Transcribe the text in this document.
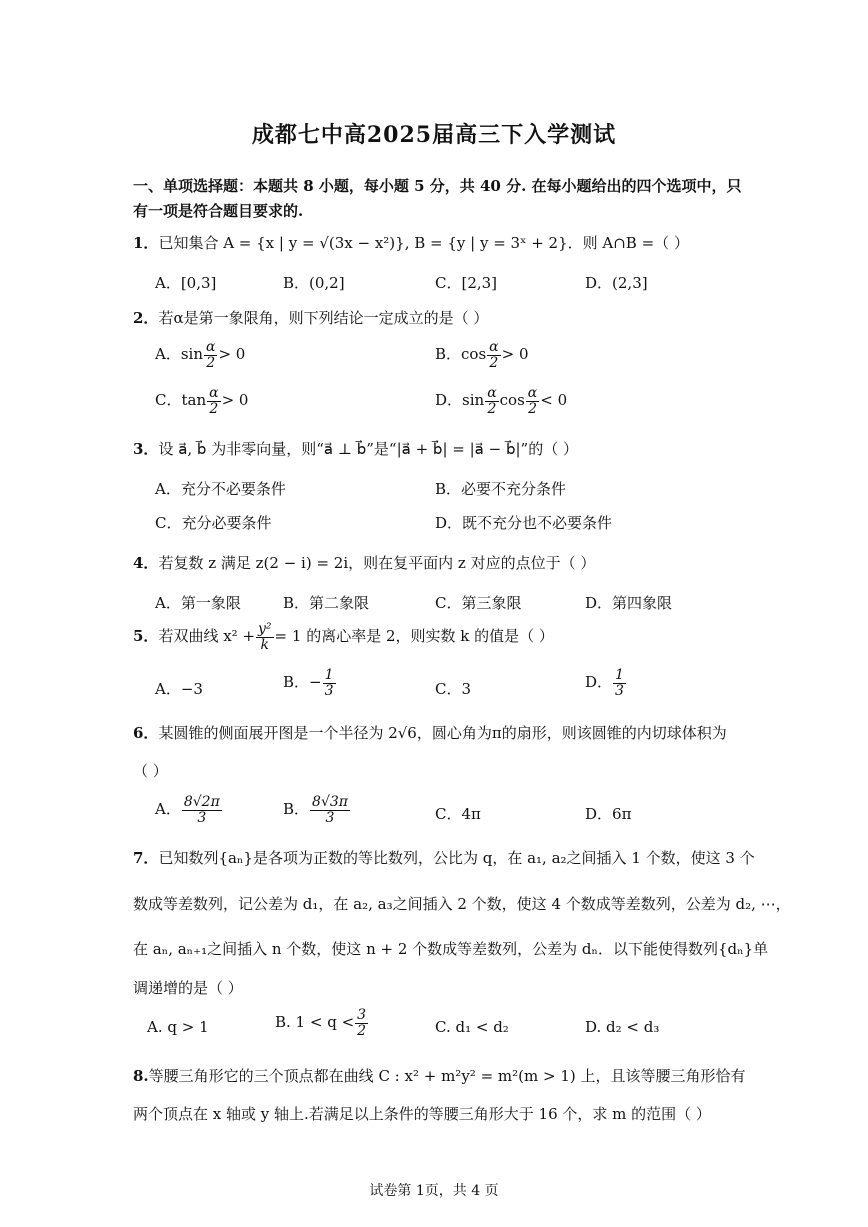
成都七中高2025届高三下入学测试
一、单项选择题：本题共 8 小题，每小题 5 分，共 40 分. 在每小题给出的四个选项中，只
有一项是符合题目要求的.
1．已知集合 A = {x | y = √(3x − x²)}, B = {y | y = 3ˣ + 2}．则 A∩B =（ ）
A．[0,3]	B．(0,2]	C．[2,3]	D．(2,3]
2．若α是第一象限角，则下列结论一定成立的是（ ）
A．$\sin \frac{\alpha}{2} > 0$	B．$\cos \frac{\alpha}{2} > 0$
C．$\tan \frac{\alpha}{2} > 0$	D．$\sin \frac{\alpha}{2}$ $\cos \frac{\alpha}{2} < 0$
3．设 a⃗, b⃗ 为非零向量，则“a⃗ ⊥ b⃗”是“|a⃗ + b⃗| = |a⃗ − b⃗|”的（ ）
A．充分不必要条件	B．必要不充分条件
C．充分必要条件	D．既不充分也不必要条件
4．若复数 z 满足 z(2 − i) = 2i，则在复平面内 z 对应的点位于（ ）
A．第一象限	B．第二象限	C．第三象限	D．第四象限
5．若双曲线 $x^2 + \frac{\text{y²}}{k} = 1$ 的离心率是 2，则实数 k 的值是（ ）
A．−3	B．− $\frac{1}{3}$	C．3	D． $\frac{1}{3}$
6．某圆锥的侧面展开图是一个半径为 2√6，圆心角为π的扇形，则该圆锥的内切球体积为
（ ）
A． $\frac{8√2\pi}{3}$	B． $\frac{8√3\pi}{3}$	C．4π	D．6π
7．已知数列{aₙ}是各项为正数的等比数列，公比为 q，在 a₁, a₂之间插入 1 个数，使这 3 个
数成等差数列，记公差为 d₁，在 a₂, a₃之间插入 2 个数，使这 4 个数成等差数列，公差为 d₂, ⋯，
在 aₙ, aₙ₊₁之间插入 n 个数，使这 n + 2 个数成等差数列，公差为 dₙ．以下能使得数列{dₙ}单
调递增的是（ ）
A. q > 1	B. $1 < q < \frac{3}{2}$	C. d₁ < d₂	D. d₂ < d₃
8.等腰三角形它的三个顶点都在曲线 C : x² + m²y² = m²(m > 1) 上，且该等腰三角形恰有
两个顶点在 x 轴或 y 轴上.若满足以上条件的等腰三角形大于 16 个，求 m 的范围（ ）
试卷第 1页，共 4 页
